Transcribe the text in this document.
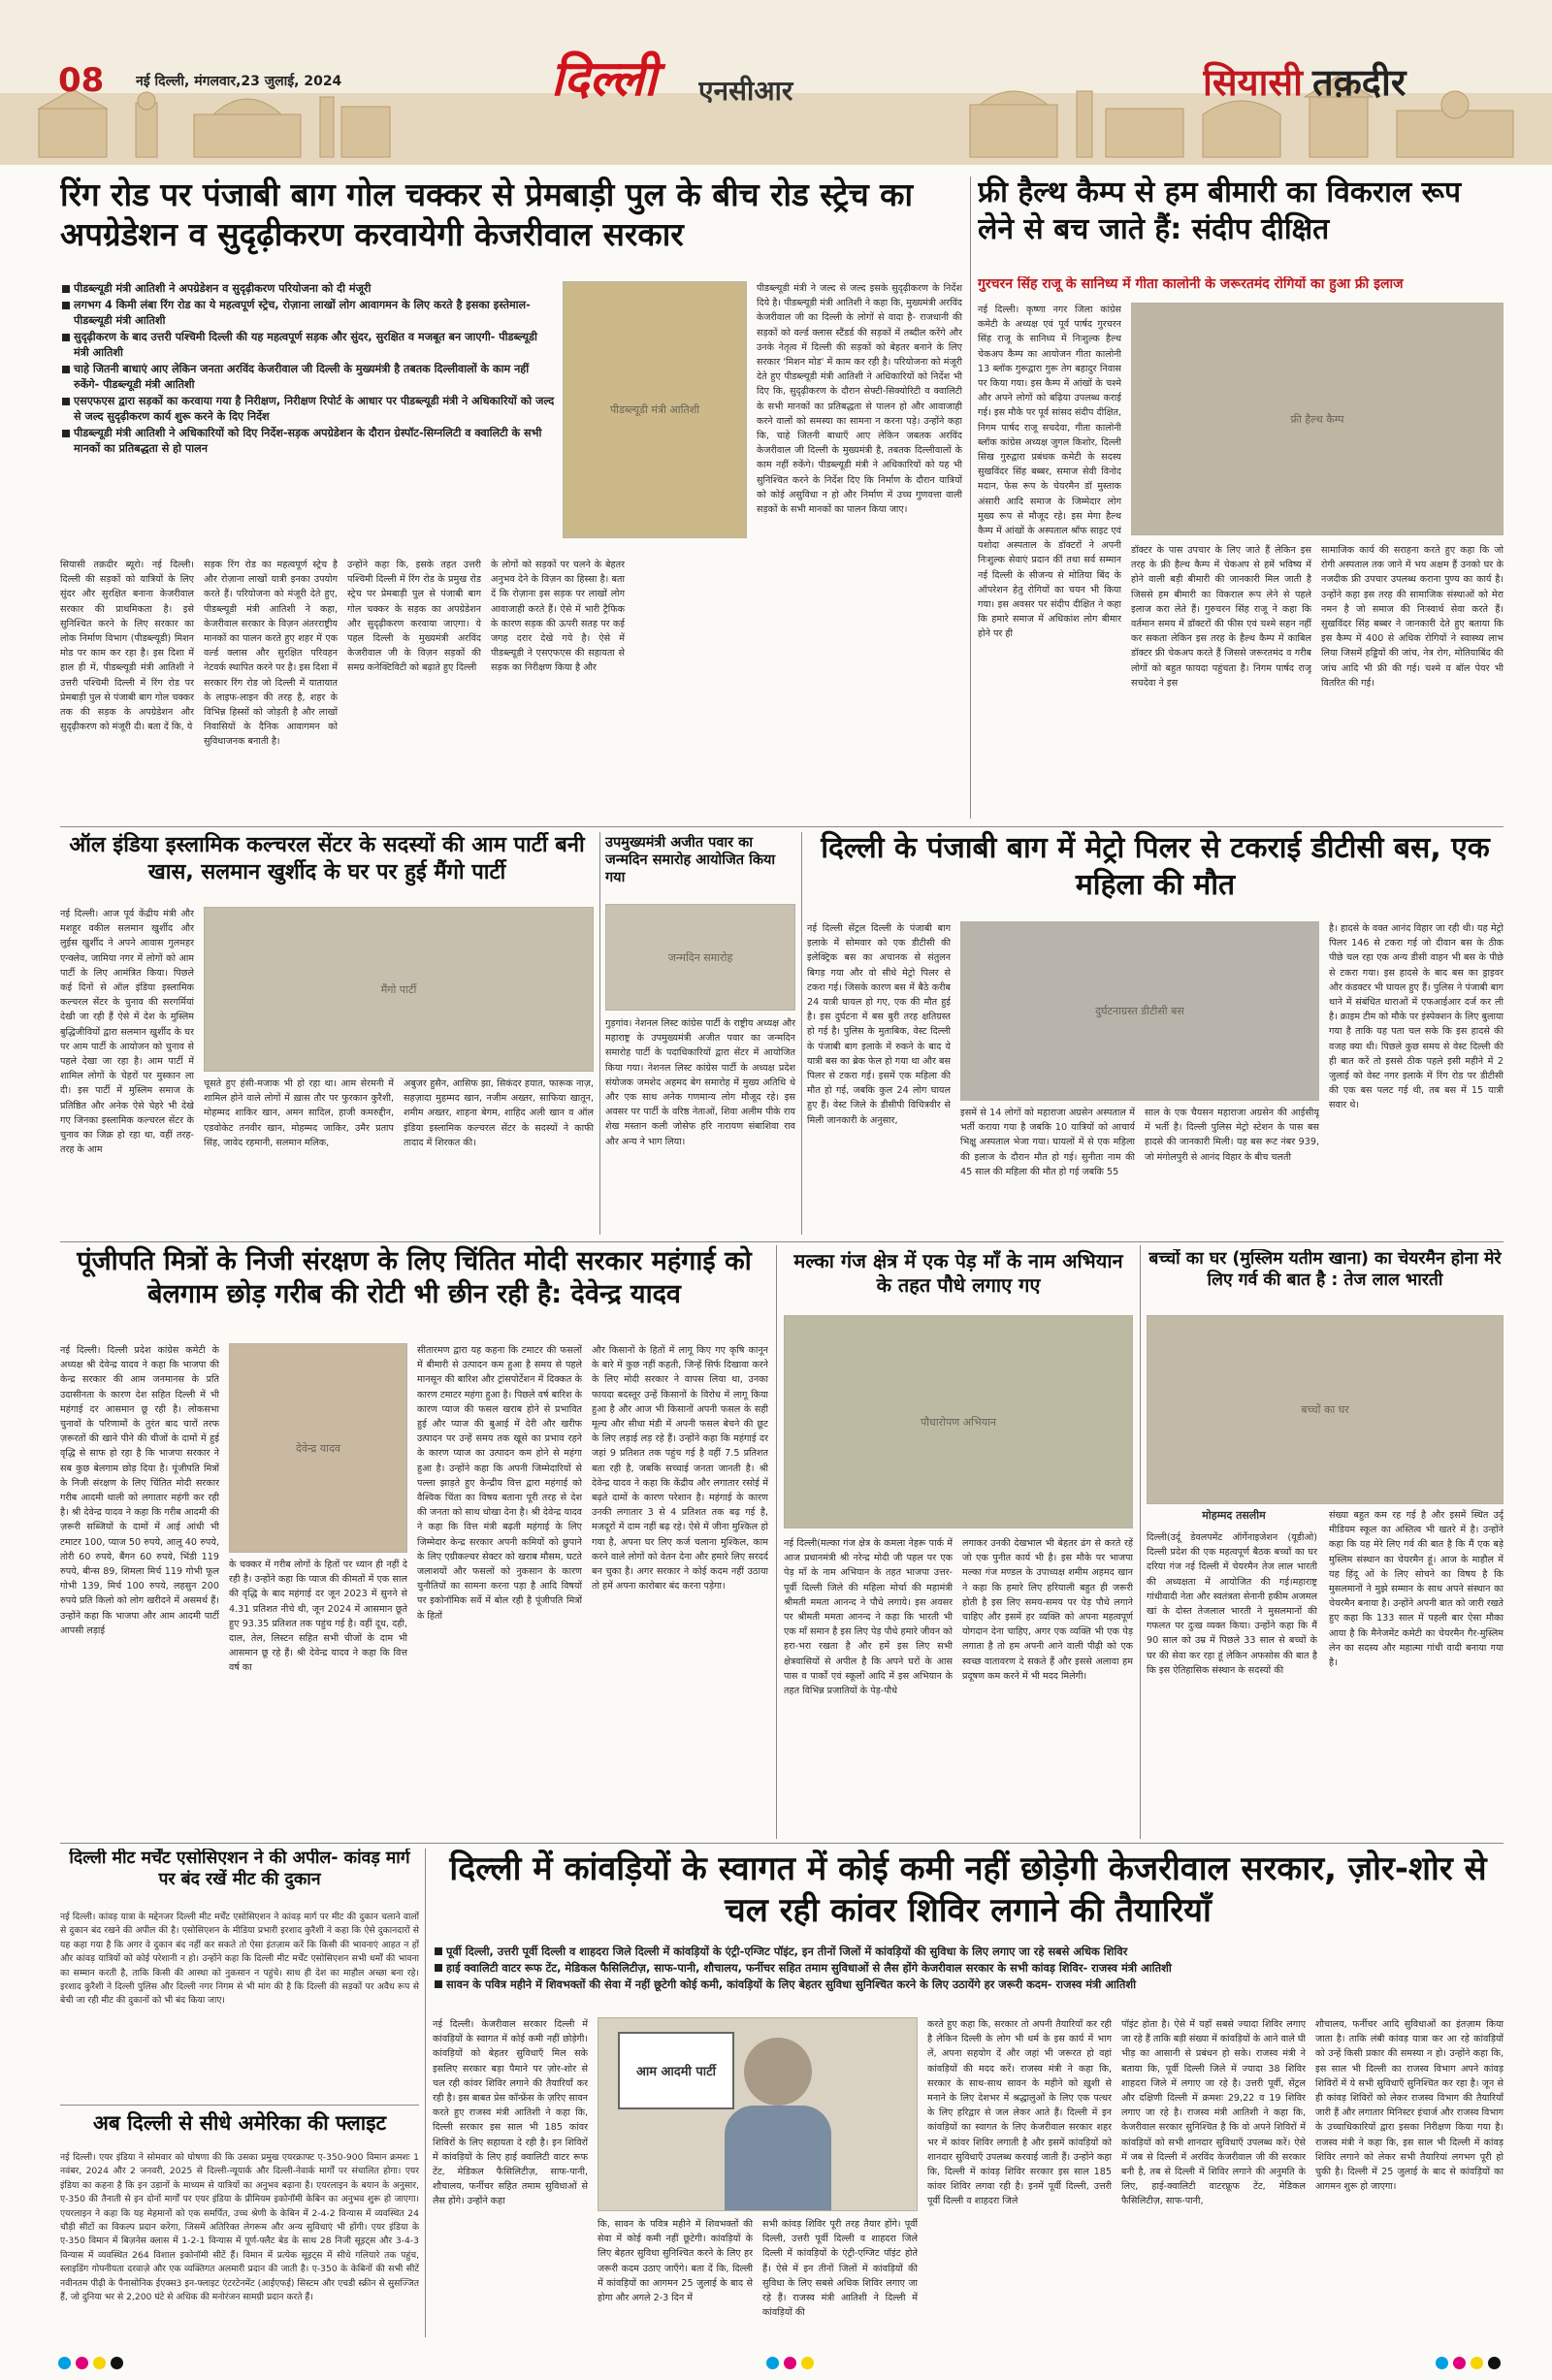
08	नई दिल्ली, मंगलवार,23 जुलाई, 2024	दिल्ली	एनसीआर	सियासी तक़दीर
रिंग रोड पर पंजाबी बाग गोल चक्कर से प्रेमबाड़ी पुल के बीच रोड स्ट्रेच का अपग्रेडेशन व सुदृढ़ीकरण करवायेगी केजरीवाल सरकार
पीडब्ल्यूडी मंत्री आतिशी ने अपग्रेडेशन व सुदृढ़ीकरण परियोजना को दी मंजूरी
लगभग 4 किमी लंबा रिंग रोड का ये महत्वपूर्ण स्ट्रेच, रोज़ाना लाखों लोग आवागमन के लिए करते है इसका इस्तेमाल- पीडब्ल्यूडी मंत्री आतिशी
सुदृढ़ीकरण के बाद उत्तरी पश्चिमी दिल्ली की यह महत्वपूर्ण सड़क और सुंदर, सुरक्षित व मजबूत बन जाएगी- पीडब्ल्यूडी मंत्री आतिशी
चाहे जितनी बाधाएं आए लेकिन जनता अरविंद केजरीवाल जी दिल्ली के मुख्यमंत्री है तबतक दिल्लीवालों के काम नहीं रुकेंगे- पीडब्ल्यूडी मंत्री आतिशी
एसएफएस द्वारा सड़कों का करवाया गया है निरीक्षण, निरीक्षण रिपोर्ट के आधार पर पीडब्ल्यूडी मंत्री ने अधिकारियों को जल्द से जल्द सुदृढ़ीकरण कार्य शुरू करने के दिए निर्देश
पीडब्ल्यूडी मंत्री आतिशी ने अधिकारियों को दिए निर्देश-सड़क अपग्रेडेशन के दौरान ग्रेस्पॉट-सिग्नलिटी व क्वालिटी के सभी मानकों का प्रतिबद्धता से हो पालन
पीडब्ल्यूडी मंत्री आतिशी
सियासी तक़दीर ब्यूरो। नई दिल्ली। दिल्ली की सड़कों को यात्रियों के लिए सुंदर और सुरक्षित बनाना केजरीवाल सरकार की प्राथमिकता है। इसे सुनिश्चित करने के लिए सरकार का लोक निर्माण विभाग (पीडब्ल्यूडी) मिशन मोड पर काम कर रहा है। इस दिशा में हाल ही में, पीडब्ल्यूडी मंत्री आतिशी ने उत्तरी पश्चिमी दिल्ली में रिंग रोड पर प्रेमबाड़ी पुल से पंजाबी बाग गोल चक्कर तक की सड़क के अपग्रेडेशन और सुदृढ़ीकरण को मंजूरी दी। बता दें कि, ये
सड़क रिंग रोड का महत्वपूर्ण स्ट्रेच है और रोज़ाना लाखों यात्री इनका उपयोग करते हैं। परियोजना को मंजूरी देते हुए, पीडब्ल्यूडी मंत्री आतिशी ने कहा, केजरीवाल सरकार के विज़न अंतरराष्ट्रीय मानकों का पालन करते हुए शहर में एक वर्ल्ड क्लास और सुरक्षित परिवहन नेटवर्क स्थापित करने पर है। इस दिशा में सरकार रिंग रोड जो दिल्ली में यातायात के लाइफ-लाइन की तरह है, शहर के विभिन्न हिस्सों को जोड़ती है और लाखों निवासियों के दैनिक आवागमन को सुविधाजनक बनाती है।
उन्होंने कहा कि, इसके तहत उत्तरी पश्चिमी दिल्ली में रिंग रोड के प्रमुख रोड स्ट्रेच पर प्रेमबाड़ी पुल से पंजाबी बाग गोल चक्कर के सड़क का अपग्रेडेशन और सुदृढ़ीकरण करवाया जाएगा। ये पहल दिल्ली के मुख्यमंत्री अरविंद केजरीवाल जी के विज़न सड़कों की समग्र कनेक्टिविटी को बढ़ाते हुए दिल्ली
के लोगों को सड़कों पर चलने के बेहतर अनुभव देने के विज़न का हिस्सा है। बता दें कि रोज़ाना इस सड़क पर लाखों लोग आवाजाही करते हैं। ऐसे में भारी ट्रैफिक के कारण सड़क की ऊपरी सतह पर कई जगह दरार देखे गये है। ऐसे में पीडब्ल्यूडी ने एसएफएस की सहायता से सड़क का निरीक्षण किया है और
पीडब्ल्यूडी मंत्री ने जल्द से जल्द इसके सुदृढ़ीकरण के निर्देश दिये है। पीडब्ल्यूडी मंत्री आतिशी ने कहा कि, मुख्यमंत्री अरविंद केजरीवाल जी का दिल्ली के लोगों से वादा है- राजधानी की सड़कों को वर्ल्ड क्लास स्टैंडर्ड की सड़कों में तब्दील करेंगे और उनके नेतृत्व में दिल्ली की सड़कों को बेहतर बनाने के लिए सरकार 'मिशन मोड' में काम कर रही है। परियोजना को मंजूरी देते हुए पीडब्ल्यूडी मंत्री आतिशी ने अधिकारियों को निर्देश भी दिए कि, सुदृढ़ीकरण के दौरान सेफ्टी-सिक्योरिटी व क्वालिटी के सभी मानकों का प्रतिबद्धता से पालन हो और आवाजाही करने वालों को समस्या का सामना न करना पड़े। उन्होंने कहा कि, चाहे जितनी बाधाएँ आए लेकिन जबतक अरविंद केजरीवाल जी दिल्ली के मुख्यमंत्री है, तबतक दिल्लीवालों के काम नहीं रुकेंगे। पीडब्ल्यूडी मंत्री ने अधिकारियों को यह भी सुनिश्चित करने के निर्देश दिए कि निर्माण के दौरान यात्रियों को कोई असुविधा न हो और निर्माण में उच्च गुणवत्ता वाली सड़कों के सभी मानकों का पालन किया जाए।
फ्री हैल्थ कैम्प से हम बीमारी का विकराल रूप लेने से बच जाते हैं: संदीप दीक्षित
गुरचरन सिंह राजू के सानिध्य में गीता कालोनी के जरूरतमंद रोगियों का हुआ फ्री इलाज
नई दिल्ली। कृष्णा नगर जिला कांग्रेस कमेटी के अध्यक्ष एवं पूर्व पार्षद गुरचरन सिंह राजू के सानिध्य में निःशुल्क हैल्थ चेकअप कैम्प का आयोजन गीता कालोनी 13 ब्लॉक गुरूद्वारा गुरू तेग बहादुर निवास पर किया गया। इस कैम्प में आंखों के चश्मे और अपने लोगों को बढ़िया उपलब्ध कराई गई। इस मौके पर पूर्व सांसद संदीप दीक्षित, निगम पार्षद राजू सचदेवा, गीता कालोनी ब्लॉक कांग्रेस अध्यक्ष जुगल किशोर, दिल्ली सिख गुरुद्वारा प्रबंधक कमेटी के सदस्य सुखविंदर सिंह बब्बर, समाज सेवी विनोद मदान, फेस रूप के चेयरमैन डॉ मुस्ताक अंसारी आदि समाज के जिम्मेदार लोग मुख्य रूप से मौजूद रहे। इस मेगा हैल्थ कैम्प में आंखों के अस्पताल श्रॉफ साइट एवं यशोदा अस्पताल के डॉक्टरों ने अपनी निःशुल्क सेवाएं प्रदान कीं तथा सर्व सम्मान नई दिल्ली के सीजन्य से मोतिया बिंद के ऑपरेशन हेतु रोगियों का चयन भी किया गया। इस अवसर पर संदीप दीक्षित ने कहा कि हमारे समाज में अधिकांश लोग बीमार होने पर ही
फ्री हैल्थ कैम्प
डॉक्टर के पास उपचार के लिए जाते हैं लेकिन इस तरह के फ्री हैल्थ कैम्प में चेकअप से हमें भविष्य में होने वाली बड़ी बीमारी की जानकारी मिल जाती है जिससे हम बीमारी का विकराल रूप लेने से पहले इलाज करा लेते हैं। गुरुचरन सिंह राजू ने कहा कि वर्तमान समय में डॉक्टरों की फीस एवं चश्मे सहन नहीं कर सकता लेकिन इस तरह के हैल्थ कैम्प में काबिल डॉक्टर फ्री चेकअप करते हैं जिससे जरूरतमंद व गरीब लोगों को बहुत फायदा पहुंचता है। निगम पार्षद राजू सचदेवा ने इस
सामाजिक कार्य की सराहना करते हुए कहा कि जो रोगी अस्पताल तक जाने में भय अक्षम हैं उनको घर के नजदीक फ्री उपचार उपलब्ध कराना पुण्य का कार्य है। उन्होंने कहा इस तरह की सामाजिक संस्थाओं को मेरा नमन है जो समाज की निःस्वार्थ सेवा करते हैं। सुखविंदर सिंह बब्बर ने जानकारी देते हुए बताया कि इस कैम्प में 400 से अधिक रोगियों ने स्वास्थ्य लाभ लिया जिसमें हड्डियों की जांच, नेत्र रोग, मोतियाबिंद की जांच आदि भी फ्री की गई। चश्मे व बॉल पेयर भी वितरित की गई।
ऑल इंडिया इस्लामिक कल्चरल सेंटर के सदस्यों की आम पार्टी बनी खास, सलमान खुर्शीद के घर पर हुई मैंगो पार्टी
नई दिल्ली। आज पूर्व केंद्रीय मंत्री और मशहूर वकील सलमान खुर्शीद और लुईस खुर्शीद ने अपने आवास गुलमहर एन्क्लेव, जामिया नगर में लोगों को आम पार्टी के लिए आमंत्रित किया। पिछले कई दिनों से ऑल इंडिया इस्लामिक कल्चरल सेंटर के चुनाव की सरगर्मियां देखी जा रही हैं ऐसे में देश के मुस्लिम बुद्धिजीवियों द्वारा सलमान खुर्शीद के घर पर आम पार्टी के आयोजन को चुनाव से पहले देखा जा रहा है। आम पार्टी में शामिल लोगों के चेहरों पर मुस्कान ला दी। इस पार्टी में मुस्लिम समाज के प्रतिष्ठित और अनेक ऐसे चेहरे भी देखे गए जिनका इस्लामिक कल्चरल सेंटर के चुनाव का जिक्र हो रहा था, वहीं तरह-तरह के आम
मैंगो पार्टी
चूसते हुए हंसी-मजाक भी हो रहा था। आम सेरमनी में शामिल होने वाले लोगों में ख़ास तौर पर फुरकान कुरैशी, मोहम्मद शाकिर खान, अमन सादिल, हाजी कमरुद्दीन, एडवोकेट तनवीर खान, मोहम्मद जाकिर, उमैर प्रताप सिंह, जावेद रहमानी, सलमान मलिक,
अबुजर हुसैन, आसिफ झा, सिकंदर हयात, फारूक नाज़, सहज़ादा मुहम्मद खान, नजीम अख्तर, साफिया खातून, शमीम अख्तर, शाहना बेगम, शाहिद अली खान व ऑल इंडिया इस्लामिक कल्चरल सेंटर के सदस्यों ने काफी तादाद में शिरकत की।
उपमुख्यमंत्री अजीत पवार का जन्मदिन समारोह आयोजित किया गया
जन्मदिन समारोह
गुड़गांव। नेशनल लिस्ट कांग्रेस पार्टी के राष्ट्रीय अध्यक्ष और महाराष्ट्र के उपमुख्यमंत्री अजीत पवार का जन्मदिन समारोह पार्टी के पदाधिकारियों द्वारा सेंटर में आयोजित किया गया। नेशनल लिस्ट कांग्रेस पार्टी के अध्यक्ष प्रदेश संयोजक जमशेद अहमद बेग समारोह में मुख्य अतिथि थे और एक साथ अनेक गणमान्य लोग मौजूद रहे। इस अवसर पर पार्टी के वरिष्ठ नेताओं, शिवा अलीम पीके राय शेख मस्तान कली जोसेफ हरि नारायण संबाशिवा राव और अन्य ने भाग लिया।
दिल्ली के पंजाबी बाग में मेट्रो पिलर से टकराई डीटीसी बस, एक महिला की मौत
नई दिल्ली सेंट्रल दिल्ली के पंजाबी बाग इलाके में सोमवार को एक डीटीसी की इलेक्ट्रिक बस का अचानक से संतुलन बिगड़ गया और वो सीधे मेट्रो पिलर से टकरा गई। जिसके कारण बस में बैठे करीब 24 यात्री घायल हो गए, एक की मौत हुई है। इस दुर्घटना में बस बुरी तरह क्षतिग्रस्त हो गई है। पुलिस के मुताबिक, वेस्ट दिल्ली के पंजाबी बाग इलाके में रुकने के बाद ये यात्री बस का ब्रेक फेल हो गया था और बस पिलर से टकरा गई। इसमें एक महिला की मौत हो गई, जबकि कुल 24 लोग घायल हुए हैं। वेस्ट जिले के डीसीपी विचित्रवीर से मिली जानकारी के अनुसार,
दुर्घटनाग्रस्त डीटीसी बस
इसमें से 14 लोगों को महाराजा अग्रसेन अस्पताल में भर्ती कराया गया है जबकि 10 यात्रियों को आचार्य भिक्षु अस्पताल भेजा गया। घायलों में से एक महिला की इलाज के दौरान मौत हो गई। सुनीता नाम की 45 साल की महिला की मौत हो गई जबकि 55
साल के एक चैयसन महाराजा अग्रसेन की आईसीयू में भर्ती है। दिल्ली पुलिस मेट्रो स्टेशन के पास बस हादसे की जानकारी मिली। यह बस रूट नंबर 939, जो मंगोलपुरी से आनंद विहार के बीच चलती
है। हादसे के वक्त आनंद विहार जा रही थी। यह मेट्रो पिलर 146 से टकरा गई जो दीवान बस के ठीक पीछे चल रहा एक अन्य डीसी वाहन भी बस के पीछे से टकरा गया। इस हादसे के बाद बस का ड्राइवर और कंडक्टर भी घायल हुए हैं। पुलिस ने पंजाबी बाग थाने में संबंधित धाराओं में एफआईआर दर्ज कर ली है। क्राइम टीम को मौके पर इंस्पेक्शन के लिए बुलाया गया है ताकि यह पता चल सके कि इस हादसे की वजह क्या थी। पिछले कुछ समय से वेस्ट दिल्ली की ही बात करें तो इससे ठीक पहले इसी महीने में 2 जुलाई को वेस्ट नगर इलाके में रिंग रोड पर डीटीसी की एक बस पलट गई थी, तब बस में 15 यात्री सवार थे।
पूंजीपति मित्रों के निजी संरक्षण के लिए चिंतित मोदी सरकार महंगाई को बेलगाम छोड़ गरीब की रोटी भी छीन रही है: देवेन्द्र यादव
नई दिल्ली। दिल्ली प्रदेश कांग्रेस कमेटी के अध्यक्ष श्री देवेन्द्र यादव ने कहा कि भाजपा की केन्द्र सरकार की आम जनमानस के प्रति उदासीनता के कारण देश सहित दिल्ली में भी महंगाई दर आसमान छू रही है। लोकसभा चुनावों के परिणामों के तुरंत बाद चारों तरफ ज़रूरतों की खाने पीने की चीजों के दामों में हुई वृद्धि से साफ हो रहा है कि भाजपा सरकार ने सब कुछ बेलगाम छोड़ दिया है। पूंजीपति मित्रों के निजी संरक्षण के लिए चिंतित मोदी सरकार गरीब आदमी थाली को लगातार महंगी कर रही है। श्री देवेन्द्र यादव ने कहा कि गरीब आदमी की ज़रूरी सब्जियों के दामों में आई आंधी भी टमाटर 100, प्याज 50 रुपये, आलू 40 रुपये, तोरी 60 रुपये, बैंगन 60 रुपये, भिंडी 119 रुपये, बीन्स 89, शिमला मिर्च 119 गोभी फूल गोभी 139, मिर्च 100 रुपये, लहसुन 200 रुपये प्रति किलो को लोग खरीदने में असमर्थ हैं। उन्होंने कहा कि भाजपा और आम आदमी पार्टी आपसी लड़ाई
देवेन्द्र यादव
के चक्कर में गरीब लोगों के हितों पर ध्यान ही नहीं दे रही है। उन्होंने कहा कि प्याज की कीमतों में एक साल की वृद्धि के बाद महंगाई दर जून 2023 में सुनने से 4.31 प्रतिशत नीचे थी, जून 2024 में आसमान छूते हुए 93.35 प्रतिशत तक पहुंच गई है। वहीं दूध, दही, दाल, तेल, लिस्टन सहित सभी चीजों के दाम भी आसमान छू रहे हैं। श्री देवेन्द्र यादव ने कहा कि वित्त वर्ष का
सीतारमण द्वारा यह कहना कि टमाटर की फसलों में बीमारी से उत्पादन कम हुआ है समय से पहले मानसून की बारिश और ट्रांसपोर्टेशन में दिक्कत के कारण टमाटर महंगा हुआ है। पिछले वर्ष बारिश के कारण प्याज की फसल खराब होने से प्रभावित हुई और प्याज की बुआई में देरी और खरीफ उत्पादन पर उन्हें समय तक खूसे का प्रभाव रहने के कारण प्याज का उत्पादन कम होने से महंगा हुआ है। उन्होंने कहा कि अपनी जिम्मेदारियों से पल्ला झाड़ते हुए केन्द्रीय वित्त द्वारा महंगाई को वैश्विक चिंता का विषय बताना पूरी तरह से देश की जनता को साथ धोखा देना है। श्री देवेन्द्र यादव ने कहा कि वित्त मंत्री बढ़ती महंगाई के लिए जिम्मेदार केन्द्र सरकार अपनी कमियों को छुपाने के लिए एग्रीकल्चर सेक्टर को खराब मौसम, घटते जलाशयों और फसलों को नुकसान के कारण चुनौतियों का सामना करना पड़ा है आदि विषयों पर इकोनॉमिक सर्वे में बोल रही है पूंजीपति मित्रों के हितों
और किसानों के हितों में लागू किए गए कृषि कानून के बारे में कुछ नहीं कहती, जिन्हें सिर्फ दिखावा करने के लिए मोदी सरकार ने वापस लिया था, उनका फायदा बदस्तूर उन्हें किसानों के विरोध में लागू किया हुआ है और आज भी किसानों अपनी फसल के सही मूल्य और सीधा मंडी में अपनी फसल बेचने की छूट के लिए लड़ाई लड़ रहे हैं। उन्होंने कहा कि महंगाई दर जहां 9 प्रतिशत तक पहुंच गई है वहीं 7.5 प्रतिशत बता रही है, जबकि सच्चाई जनता जानती है। श्री देवेन्द्र यादव ने कहा कि केंद्रीय और लगातार रसोई में बढ़ते दामों के कारण परेशान है। महंगाई के कारण उनकी लगातार 3 से 4 प्रतिशत तक बढ़ गई है, मजदूरों में दाम नहीं बढ़ रहे। ऐसे में जीना मुश्किल हो गया है, अपना घर लिए कर्ज चलाना मुश्किल, काम करने वाले लोगों को वेतन देना और हमारे लिए सरदर्द बन चुका है। अगर सरकार ने कोई कदम नहीं उठाया तो हमें अपना कारोबार बंद करना पड़ेगा।
मल्का गंज क्षेत्र में एक पेड़ माँ के नाम अभियान के तहत पौधे लगाए गए
पौधारोपण अभियान
नई दिल्ली(मल्का गंज क्षेत्र के कमला नेहरू पार्क में आज प्रधानमंत्री श्री नरेन्द्र मोदी जी पहल पर एक पेड़ माँ के नाम अभियान के तहत भाजपा उत्तर-पूर्वी दिल्ली जिले की महिला मोर्चा की महामंत्री श्रीमती ममता आनन्द ने पौधे लगाये। इस अवसर पर श्रीमती ममता आनन्द ने कहा कि भारती भी एक माँ समान है इस लिए पेड़ पौधे हमारे जीवन को हरा-भरा रखता है और हमें इस लिए सभी क्षेत्रवासियों से अपील है कि अपने घरों के आस पास व पार्कों एवं स्कूलों आदि में इस अभियान के तहत विभिन्न प्रजातियों के पेड़-पौधे
लगाकर उनकी देखभाल भी बेहतर ढंग से करते रहें जो एक पुनीत कार्य भी है। इस मौके पर भाजपा मल्का गंज मण्डल के उपाध्यक्ष शमीम अहमद खान ने कहा कि हमारे लिए हरियाली बहुत ही जरूरी होती है इस लिए समय-समय पर पेड़ पौधे लगाने चाहिए और इसमें हर व्यक्ति को अपना महत्वपूर्ण योगदान देना चाहिए, अगर एक व्यक्ति भी एक पेड़ लगाता है तो हम अपनी आने वाली पीढ़ी को एक स्वच्छ वातावरण दे सकते हैं और इससे अलावा हम प्रदूषण कम करने में भी मदद मिलेगी।
बच्चों का घर (मुस्लिम यतीम खाना) का चेयरमैन होना मेरे लिए गर्व की बात है : तेज लाल भारती
बच्चों का घर
मोहम्मद तसलीम
दिल्ली(उर्दू डेवलपमेंट ऑर्गेनाइजेशन (यूडीओ) दिल्ली प्रदेश की एक महत्वपूर्ण बैठक बच्चों का घर दरिया गंज नई दिल्ली में चेयरमैन तेज लाल भारती की अध्यक्षता में आयोजित की गई।महाराष्ट्र गांधीवादी नेता और स्वतंत्रता सेनानी हकीम अजमल खां के दोस्त तेजलाल भारती ने मुसलमानों की गफलत पर दुःख व्यक्त किया। उन्होंने कहा कि मैं 90 साल को उम्र में पिछले 33 साल से बच्चों के घर की सेवा कर रहा हूं लेकिन अफसोस की बात है कि इस ऐतिहासिक संस्थान के सदस्यों की
संख्या बहुत कम रह गई है और इसमें स्थित उर्दू मीडियम स्कूल का अस्तित्व भी खतरे में है। उन्होंने कहा कि यह मेरे लिए गर्व की बात है कि मैं एक बड़े मुस्लिम संस्थान का चेयरमैन हूं। आज के माहौल में यह हिंदू ओं के लिए सोचने का विषय है कि मुसलमानों ने मुझे सम्मान के साथ अपने संस्थान का चेयरमैन बनाया है। उन्होंने अपनी बात को जारी रखते हुए कहा कि 133 साल में पहली बार ऐसा मौका आया है कि मैनेजमेंट कमेटी का चेयरमैन गैर-मुस्लिम लेन का सदस्य और महात्मा गांधी वादी बनाया गया है।
दिल्ली मीट मर्चेंट एसोसिएशन ने की अपील- कांवड़ मार्ग पर बंद रखें मीट की दुकान
नई दिल्ली। कांवड़ यात्रा के मद्देनजर दिल्ली मीट मर्चेंट एसोसिएशन ने कांवड़ मार्ग पर मीट की दुकान चलाने वालों से दुकान बंद रखने की अपील की है। एसोसिएशन के मीडिया प्रभारी इरशाद कुरैशी ने कहा कि ऐसे दुकानदारों से यह कहा गया है कि अगर वे दुकान बंद नहीं कर सकते तो ऐसा इंतज़ाम करें कि किसी की भावनाएं आहत न हों और कांवड़ यात्रियों को कोई परेशानी न हो। उन्होंने कहा कि दिल्ली मीट मर्चेंट एसोसिएशन सभी धर्मों की भावना का सम्मान करती है, ताकि किसी की आस्था को नुकसान न पहुंचे। साथ ही देश का माहौल अच्छा बना रहे। इरशाद कुरैशी ने दिल्ली पुलिस और दिल्ली नगर निगम से भी मांग की है कि दिल्ली की सड़कों पर अवैध रूप से बेची जा रही मीट की दुकानों को भी बंद किया जाए।
अब दिल्ली से सीधे अमेरिका की फ्लाइट
नई दिल्ली। एयर इंडिया ने सोमवार को घोषणा की कि उसका प्रमुख एयरक्राफ्ट ए-350-900 विमान क्रमशः 1 नवंबर, 2024 और 2 जनवरी, 2025 से दिल्ली-न्यूयार्क और दिल्ली-नेवार्क मार्गों पर संचालित होगा। एयर इंडिया का कहना है कि इन उड़ानों के माध्यम से यात्रियों का अनुभव बढ़ाना है। एयरलाइन के बयान के अनुसार, ए-350 की तैनाती से इन दोनों मार्गों पर एयर इंडिया के प्रीमियम इकोनॉमी केबिन का अनुभव शुरू हो जाएगा। एयरलाइन ने कहा कि यह मेहमानों को एक समर्पित, उच्च श्रेणी के केबिन में 2-4-2 विन्यास में व्यवस्थित 24 चौड़ी सीटों का विकल्प प्रदान करेगा, जिसमें अतिरिक्त लेगरूम और अन्य सुविधाएं भी होंगी। एयर इंडिया के ए-350 विमान में बिज़नेस क्लास में 1-2-1 विन्यास में पूर्ण-फ्लैट बेड के साथ 28 निजी सूइट्स और 3-4-3 विन्यास में व्यवस्थित 264 विशाल इकोनॉमी सीटें हैं। विमान में प्रत्येक सूइट्स में सीधे गलियारे तक पहुंच, स्लाइडिंग गोपनीयता दरवाज़े और एक व्यक्तिगत अलमारी प्रदान की जाती है। ए-350 के केबिनों की सभी सीटें नवीनतम पीढ़ी के पैनासोनिक ईएक्स3 इन-फ्लाइट एंटरटेनमेंट (आईएफई) सिस्टम और एचडी स्क्रीन से सुसज्जित हैं, जो दुनिया भर से 2,200 घंटे से अधिक की मनोरंजन सामग्री प्रदान करते हैं।
दिल्ली में कांवड़ियों के स्वागत में कोई कमी नहीं छोड़ेगी केजरीवाल सरकार, ज़ोर-शोर से चल रही कांवर शिविर लगाने की तैयारियाँ
पूर्वी दिल्ली, उत्तरी पूर्वी दिल्ली व शाहदरा जिले दिल्ली में कांवड़ियों के एंट्री-एग्जिट पॉइंट, इन तीनों जिलों में कांवड़ियों की सुविधा के लिए लगाए जा रहे सबसे अधिक शिविर
हाई क्वालिटी वाटर रूफ टेंट, मेडिकल फैसिलिटीज़, साफ-पानी, शौचालय, फर्नीचर सहित तमाम सुविधाओं से लैस होंगे केजरीवाल सरकार के सभी कांवड़ शिविर- राजस्व मंत्री आतिशी
सावन के पवित्र महीने में शिवभक्तों की सेवा में नहीं छूटेगी कोई कमी, कांवड़ियों के लिए बेहतर सुविधा सुनिश्चित करने के लिए उठायेंगे हर जरूरी कदम- राजस्व मंत्री आतिशी
नई दिल्ली। केजरीवाल सरकार दिल्ली में कांवड़ियों के स्वागत में कोई कमी नहीं छोड़ेगी। कांवड़ियों को बेहतर सुविधाएँ मिल सके इसलिए सरकार बड़ा पैमाने पर ज़ोर-शोर से चल रही कांवर शिविर लगाने की तैयारियाँ कर रही है। इस बाबत प्रेस कॉन्फ्रेंस के ज़रिए सावन करते हुए राजस्व मंत्री आतिशी ने कहा कि, दिल्ली सरकार इस साल भी 185 कांवर शिविरों के लिए सहायता दे रही है। इन शिविरों में कांवड़ियों के लिए हाई क्वालिटी वाटर रूफ टेंट, मेडिकल फैसिलिटीज़, साफ-पानी, शौचालय, फर्नीचर सहित तमाम सुविधाओं से लैस होंगे। उन्होंने कहा
आम आदमी पार्टी
कि, सावन के पवित्र महीने में शिवभक्तों की सेवा में कोई कमी नहीं छूटेगी। कांवड़ियों के लिए बेहतर सुविधा सुनिश्चित करने के लिए हर जरूरी कदम उठाए जाएँगे। बता दें कि, दिल्ली में कांवड़ियों का आगमन 25 जुलाई के बाद से होगा और अगले 2-3 दिन में
सभी कांवड़ शिविर पूरी तरह तैयार होंगे। पूर्वी दिल्ली, उत्तरी पूर्वी दिल्ली व शाहदरा जिले दिल्ली में कांवड़ियों के एंट्री-एग्जिट पॉइंट होते हैं। ऐसे में इन तीनों जिलों में कांवड़ियों की सुविधा के लिए सबसे अधिक शिविर लगाए जा रहे हैं। राजस्व मंत्री आतिशी ने दिल्ली में कांवड़ियों की
करते हुए कहा कि, सरकार तो अपनी तैयारियाँ कर रही है लेकिन दिल्ली के लोग भी धर्म के इस कार्य में भाग लें, अपना सहयोग दें और जहां भी जरूरत हो वहां कांवड़ियों की मदद करें। राजस्व मंत्री ने कहा कि, सरकार के साथ-साथ सावन के महीने को ख़ुशी से मनाने के लिए देशभर में श्रद्धालुओं के लिए एक पत्थर के लिए हरिद्वार से जल लेकर आते हैं। दिल्ली में इन कांवड़ियों का स्वागत के लिए केजरीवाल सरकार शहर भर में कांवर शिविर लगाती है और इसमें कांवड़ियों को शानदार सुविधाएँ उपलब्ध करवाई जाती हैं। उन्होंने कहा कि, दिल्ली में कांवड़ शिविर सरकार इस साल 185 कांवर शिविर लगवा रही है। इनमें पूर्वी दिल्ली, उत्तरी पूर्वी दिल्ली व शाहदरा जिले
पॉइंट होता है। ऐसे में यहाँ सबसे ज्यादा शिविर लगाए जा रहे हैं ताकि बड़ी संख्या में कांवड़ियों के आने वाले घी भीड़ का आसानी से प्रबंधन हो सके। राजस्व मंत्री ने बताया कि, पूर्वी दिल्ली जिले में ज्यादा 38 शिविर शाहदरा जिले में लगाए जा रहे है। उत्तरी पूर्वी, सेंट्रल और दक्षिणी दिल्ली में क्रमशः 29,22 व 19 शिविर लगाए जा रहे है। राजस्व मंत्री आतिशी ने कहा कि, केजरीवाल सरकार सुनिश्चित है कि वो अपने शिविरों में कांवड़ियों को सभी शानदार सुविधाएँ उपलब्ध करें। ऐसे में जब से दिल्ली में अरविंद केजरीवाल जी की सरकार बनी है, तब से दिल्ली में शिविर लगाने की अनुमति के लिए, हाई-क्वालिटी वाटरफ्रूफ टेंट, मेडिकल फैसिलिटीज़, साफ-पानी,
शौचालय, फर्नीचर आदि सुविधाओं का इंतज़ाम किया जाता है। ताकि लंबी कांवड़ यात्रा कर आ रहे कांवड़ियों को उन्हें किसी प्रकार की समस्या न हो। उन्होंने कहा कि, इस साल भी दिल्ली का राजस्व विभाग अपने कांवड़ शिविरों में ये सभी सुविधाएँ सुनिश्चित कर रहा है। जून से ही कांवड़ शिविरों को लेकर राजस्व विभाग की तैयारियाँ जारी हैं और लगातार मिनिस्टर इंचार्ज और राजस्व विभाग के उच्चाधिकारियों द्वारा इसका निरीक्षण किया गया है। राजस्व मंत्री ने कहा कि, इस साल भी दिल्ली में कांवड़ शिविर लगाने को लेकर सभी तैयारियां लगभग पूरी हो चुकी है। दिल्ली में 25 जुलाई के बाद से कांवड़ियों का आगमन शुरू हो जाएगा।
